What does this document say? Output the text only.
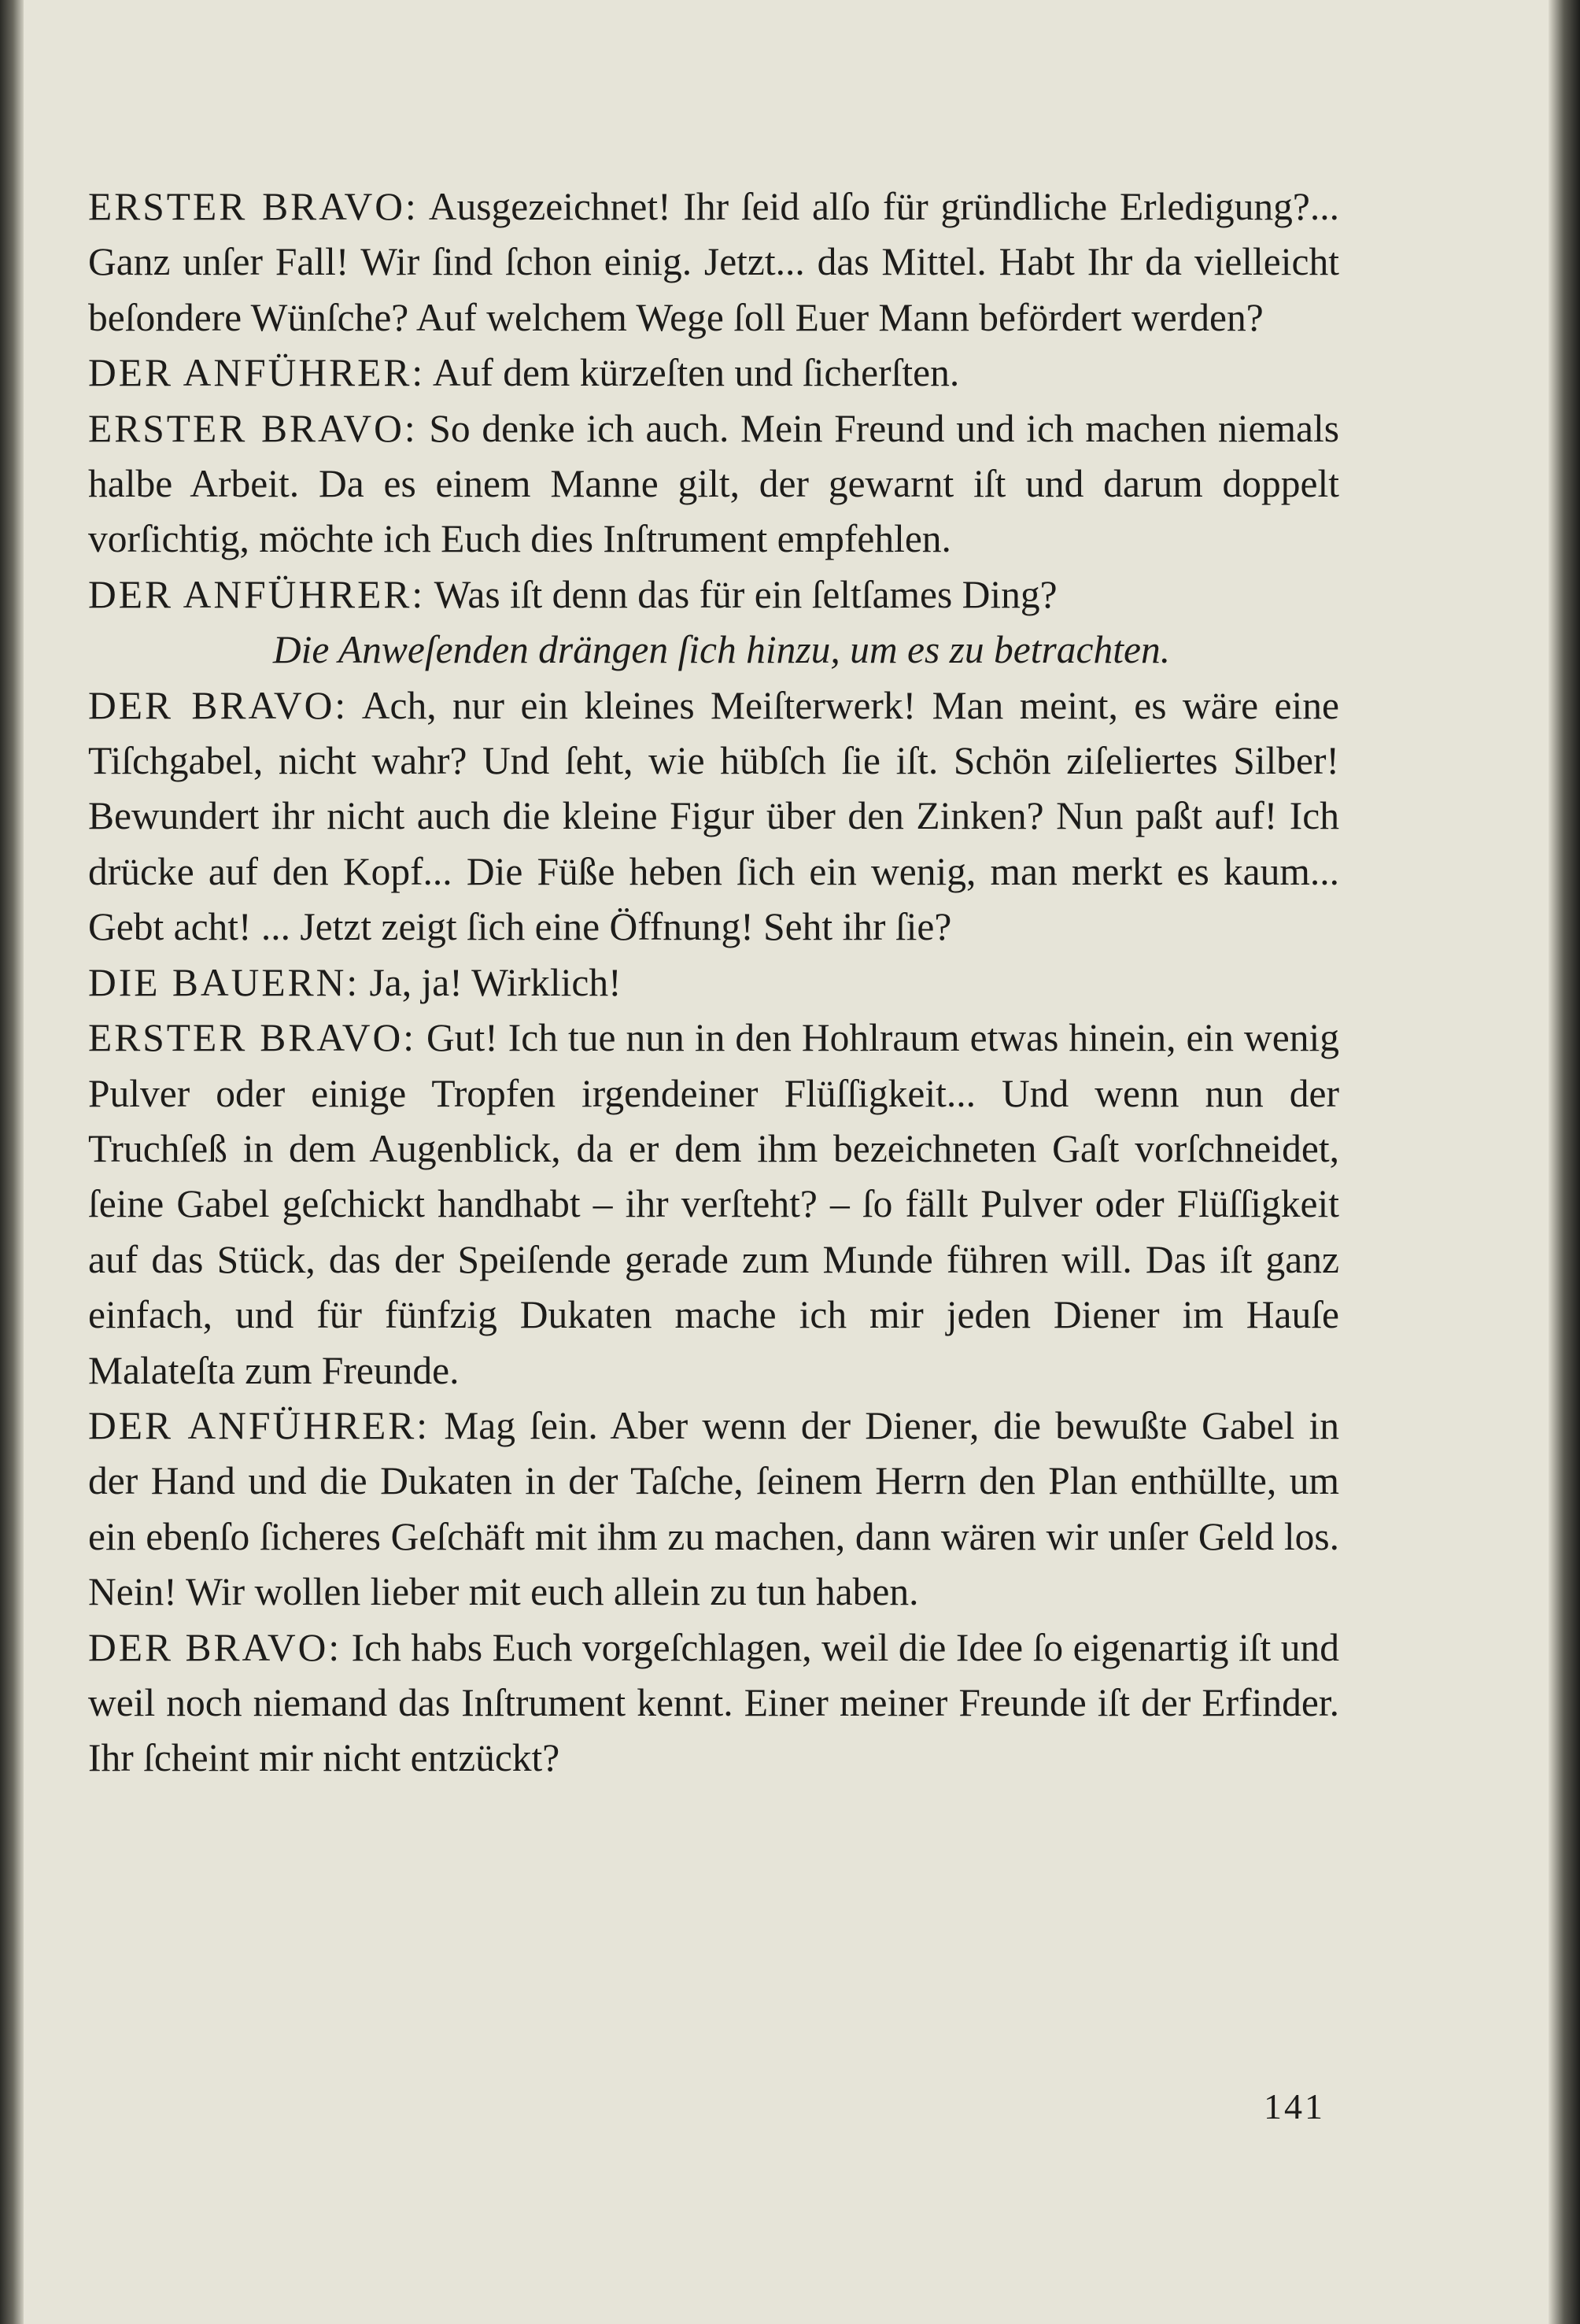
ERSTER BRAVO: Ausgezeichnet! Ihr ſeid alſo für gründliche Erledigung?... Ganz unſer Fall! Wir ſind ſchon einig. Jetzt... das Mittel. Habt Ihr da vielleicht beſondere Wünſche? Auf welchem Wege ſoll Euer Mann befördert werden?

DER ANFÜHRER: Auf dem kürzeſten und ſicherſten.

ERSTER BRAVO: So denke ich auch. Mein Freund und ich machen niemals halbe Arbeit. Da es einem Manne gilt, der gewarnt iſt und darum doppelt vorſichtig, möchte ich Euch dies Inſtrument empfehlen.

DER ANFÜHRER: Was iſt denn das für ein ſeltſames Ding?

Die Anweſenden drängen ſich hinzu, um es zu betrachten.

DER BRAVO: Ach, nur ein kleines Meiſterwerk! Man meint, es wäre eine Tiſchgabel, nicht wahr? Und ſeht, wie hübſch ſie iſt. Schön ziſeliertes Silber! Bewundert ihr nicht auch die kleine Figur über den Zinken? Nun paßt auf! Ich drücke auf den Kopf... Die Füße heben ſich ein wenig, man merkt es kaum... Gebt acht! ... Jetzt zeigt ſich eine Öffnung! Seht ihr ſie?

DIE BAUERN: Ja, ja! Wirklich!

ERSTER BRAVO: Gut! Ich tue nun in den Hohlraum etwas hinein, ein wenig Pulver oder einige Tropfen irgendeiner Flüſſigkeit... Und wenn nun der Truchſeß in dem Augenblick, da er dem ihm bezeichneten Gaſt vorſchneidet, ſeine Gabel geſchickt handhabt – ihr verſteht? – ſo fällt Pulver oder Flüſſigkeit auf das Stück, das der Speiſende gerade zum Munde führen will. Das iſt ganz einfach, und für fünfzig Dukaten mache ich mir jeden Diener im Hauſe Malateſta zum Freunde.

DER ANFÜHRER: Mag ſein. Aber wenn der Diener, die bewußte Gabel in der Hand und die Dukaten in der Taſche, ſeinem Herrn den Plan enthüllte, um ein ebenſo ſicheres Geſchäft mit ihm zu machen, dann wären wir unſer Geld los. Nein! Wir wollen lieber mit euch allein zu tun haben.

DER BRAVO: Ich habs Euch vorgeſchlagen, weil die Idee ſo eigenartig iſt und weil noch niemand das Inſtrument kennt. Einer meiner Freunde iſt der Erfinder. Ihr ſcheint mir nicht entzückt?

141
